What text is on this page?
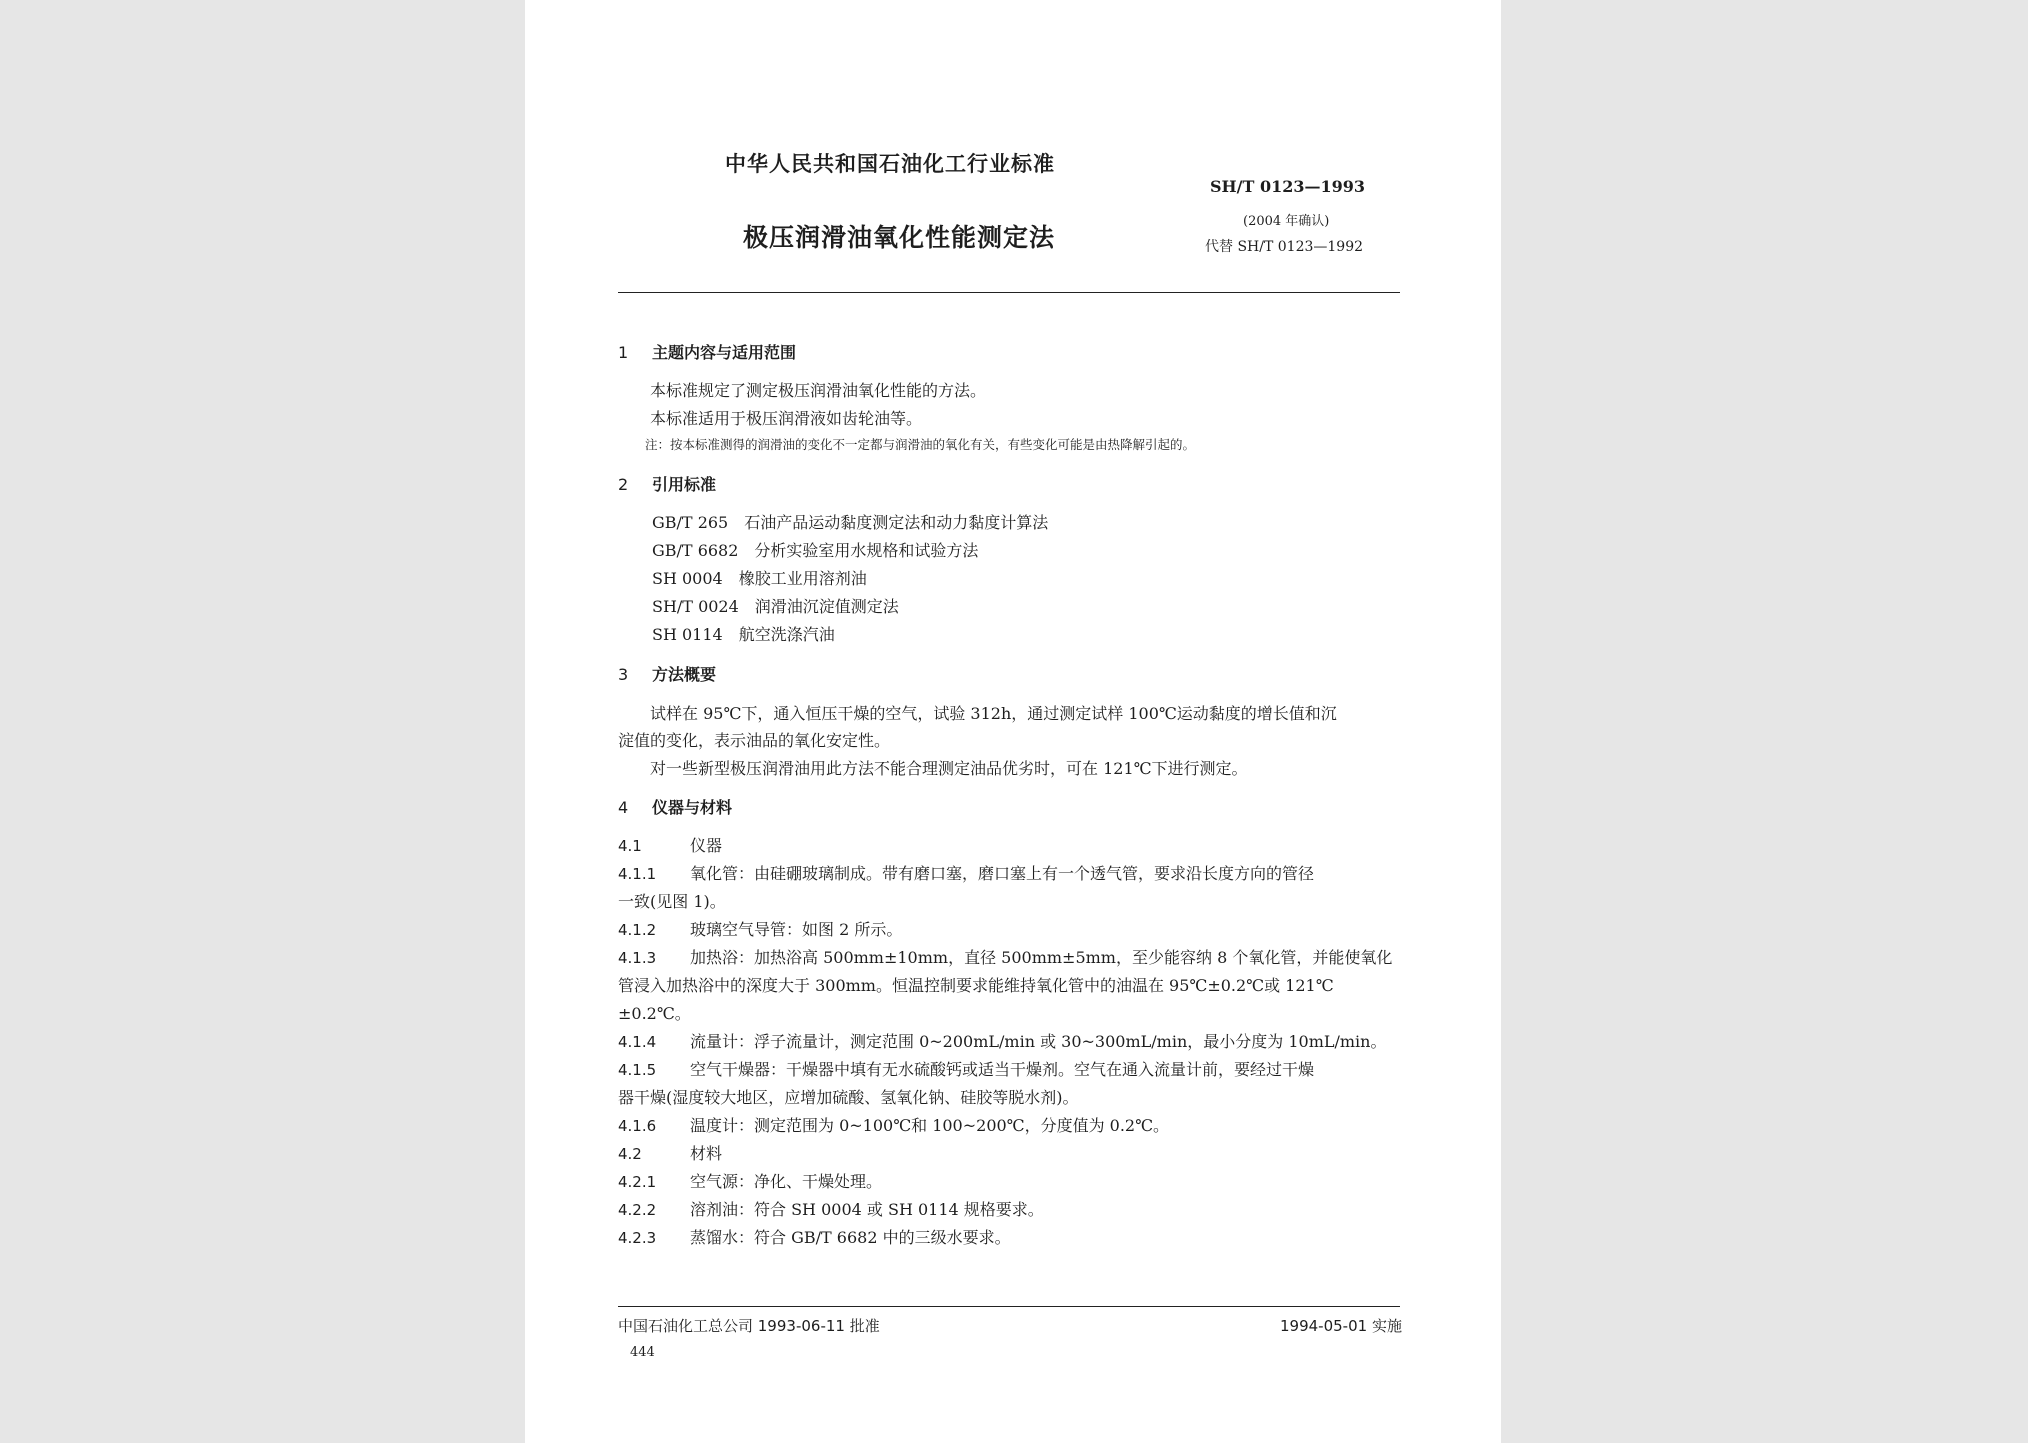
中华人民共和国石油化工行业标准
SH/T 0123—1993
极压润滑油氧化性能测定法
(2004 年确认)
代替 SH/T 0123—1992
1 主题内容与适用范围
本标准规定了测定极压润滑油氧化性能的方法。
本标准适用于极压润滑液如齿轮油等。
注：按本标准测得的润滑油的变化不一定都与润滑油的氧化有关，有些变化可能是由热降解引起的。
2 引用标准
GB/T 265  石油产品运动黏度测定法和动力黏度计算法
GB/T 6682  分析实验室用水规格和试验方法
SH 0004  橡胶工业用溶剂油
SH/T 0024  润滑油沉淀值测定法
SH 0114  航空洗涤汽油
3 方法概要
试样在 95℃下，通入恒压干燥的空气，试验 312h，通过测定试样 100℃运动黏度的增长值和沉
淀值的变化，表示油品的氧化安定性。
对一些新型极压润滑油用此方法不能合理测定油品优劣时，可在 121℃下进行测定。
4 仪器与材料
4.1	仪器
4.1.1 氧化管：由硅硼玻璃制成。带有磨口塞，磨口塞上有一个透气管，要求沿长度方向的管径
一致(见图 1)。
4.1.2 玻璃空气导管：如图 2 所示。
4.1.3 加热浴：加热浴高 500mm±10mm，直径 500mm±5mm，至少能容纳 8 个氧化管，并能使氧化
管浸入加热浴中的深度大于 300mm。恒温控制要求能维持氧化管中的油温在 95℃±0.2℃或 121℃
±0.2℃。
4.1.4 流量计：浮子流量计，测定范围 0~200mL/min 或 30~300mL/min，最小分度为 10mL/min。
4.1.5 空气干燥器：干燥器中填有无水硫酸钙或适当干燥剂。空气在通入流量计前，要经过干燥
器干燥(湿度较大地区，应增加硫酸、氢氧化钠、硅胶等脱水剂)。
4.1.6 温度计：测定范围为 0~100℃和 100~200℃，分度值为 0.2℃。
4.2	材料
4.2.1 空气源：净化、干燥处理。
4.2.2 溶剂油：符合 SH 0004 或 SH 0114 规格要求。
4.2.3 蒸馏水：符合 GB/T 6682 中的三级水要求。
中国石油化工总公司 1993-06-11 批准	1994-05-01 实施
444
